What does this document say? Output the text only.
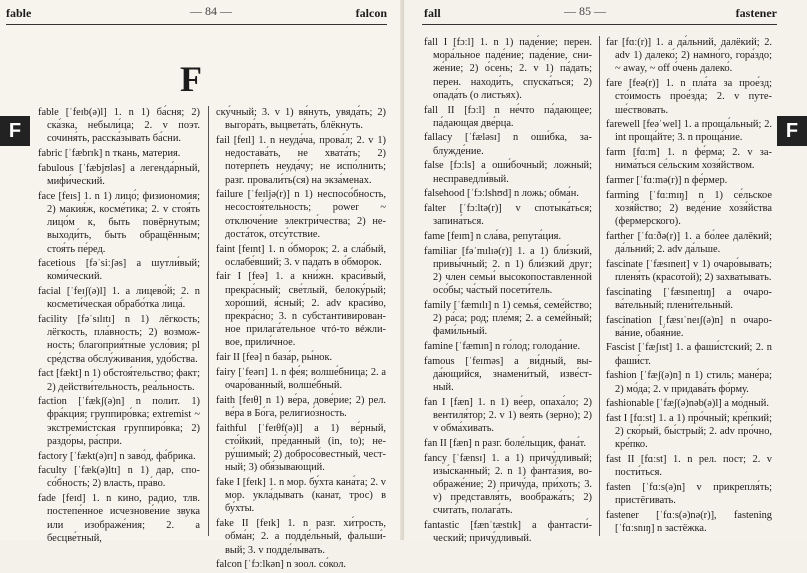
fable	— 84 —	falcon
F
F

fable [ˈfeɪb(ə)l] 1. n 1) ба́сня; 2) ска́зка, небыли́ца; 2. v поэт. сочиня́ть, расска́зывать ба́сни.

fabric [ˈfæbrɪk] n ткань, материя.

fabulous [ˈfæbjʊləs] a легенда́рный, мифи́ческий.

face [feɪs] 1. n 1) лицо́; физиономия; 2) макия́ж, косме́тика; 2. v стоя́ть лицо́м к, быть повёрнутым; выходи́ть, быть обращённым; стоя́ть пе́ред.

facetious [fəˈsiːʃəs] a шутли́вый; коми́ческий.

facial [ˈfeɪʃ(ə)l] 1. a лицево́й; 2. n космети́ческая обрабо́тка лица́.

facility [fəˈsɪlɪtɪ] n 1) лёгкость; лёгкость, пла́вность; 2) возможность; благоприя́тные усло́вия; pl сре́дства обслу́живания, удо́бства.

fact [fækt] n 1) обстоя́тельство; факт; 2) действи́тельность, реа́льность.

faction [ˈfækʃ(ə)n] n полит. 1) фра́кция; группиро́вка; extremist ~ экстреми́стская группиро́вка; 2) раздо́ры, ра́спри.

factory [ˈfækt(ə)rɪ] n заво́д, фа́брика.

faculty [ˈfæk(ə)ltɪ] n 1) дар, спосо́бность; 2) власть, пра́во.

fade [feɪd] 1. n кино, радио, тлв. постепе́нное исчезнове́ние звука или изображе́ния; 2. a бесцве́тный,

ску́чный; 3. v 1) вя́нуть, увяда́ть; 2) выгора́ть, выцвета́ть, блёкнуть.

fail [feɪl] 1. n неуда́ча, прова́л; 2. v 1) недостава́ть, не хвата́ть; 2) потерпе́ть неуда́чу; не испо́лнить; разг. провали́ть(ся) на экза́менах.

failure [ˈfeɪljə(r)] n 1) неспосо́бность, несостоя́тельность; power ~ отключе́ние электри́чества; 2) недоста́ток, отсу́тствие.

faint [feɪnt] 1. n о́бморок; 2. a сла́бый, ослабе́вший; 3. v па́дать в о́бморок.

fair I [feə] 1. a кни́жн. краси́вый, прекра́сный; све́тлый, белоку́рый; хоро́ший, я́сный; 2. adv краси́во, прекра́сно; 3. n субстантивированное прилага́тельное чтó-то вéжливое, прили́чное.

fair II [feə] n база́р, ры́нок.

fairy [ˈfeərɪ] 1. n фе́я; волше́бница; 2. a очаро́ванный, волше́бный.

faith [feɪθ] n 1) ве́ра, дове́рие; 2) рел. ве́ра в Бо́га, религио́зность.

faithful [ˈfeɪθf(ə)l] a 1) ве́рный, сто́йкий, пре́данный (in, to); неру́шимый; 2) добросо́вестный, честный; 3) обя́зывающий.

fake I [feɪk] 1. n мор. бу́хта кана́та; 2. v мор. укла́дывать (канат, трос) в бу́хты.

fake II [feɪk] 1. n разг. хи́трость, обма́н; 2. a подде́льный, фальши́вый; 3. v подде́лывать.

falcon [ˈfɔːlkən] n зоол. со́кол.

fall	— 85 —	fastener
F

fall I [fɔːl] 1. n 1) паде́ние; перен. мора́льное паде́ние; паде́ние, сниже́ние; 2) о́сень; 2. v 1) па́дать; перен. находи́ть, спуска́ться; 2) опада́ть (о листьях).

fall II [fɔːl] n не́что па́дающее; па́дающая две́рца.

fallacy [ˈfæləsɪ] n оши́бка, заблужде́ние.

false [fɔːls] a оши́бочный; ложный; несправедли́вый.

falsehood [ˈfɔːlshʊd] n ложь; обма́н.

falter [ˈfɔːltə(r)] v спотыка́ться; запина́ться.

fame [feɪm] n сла́ва, репута́ция.

familiar [fəˈmɪlɪə(r)] 1. a 1) бли́зкий, привы́чный; 2. n 1) бли́зкий друг; 2) член семьи́ высокопоставленной осо́бы; ча́стый посети́тель.

family [ˈfæmɪlɪ] n 1) семья́, семе́йство; 2) ра́са; род; пле́мя; 2. a семе́йный; фами́льный.

famine [ˈfæmɪn] n го́лод; голода́ние.

famous [ˈfeɪməs] a ви́дный, выда́ющийся, знамени́тый, изве́стный.

fan I [fæn] 1. n 1) ве́ер, опаха́ло; 2) вентиля́тор; 2. v 1) ве́ять (зерно); 2) v обма́хивать.

fan II [fæn] n разг. боле́льщик, фана́т.

fancy [ˈfænsɪ] 1. a 1) причу́дливый; изы́сканный; 2. n 1) фанта́зия, воображе́ние; 2) причу́да, при́хоть; 3. v) представля́ть, вообража́ть; 2) счита́ть, полага́ть.

fantastic [fænˈtæstɪk] a фантасти́ческий; причу́дливый.

far [fɑː(r)] 1. a да́льний, далёкий; 2. adv 1) далеко́; 2) намно́го, гора́здо; ~ away, ~ off о́чень далеко́.

fare [feə(r)] 1. n пла́та за прое́зд; сто́имость прое́зда; 2. v путеше́ствовать.

farewell [feəˈwel] 1. a проща́льный; 2. int проща́йте; 3. n проща́ние.

farm [fɑːm] 1. n фе́рма; 2. v занима́ться се́льским хозя́йством.

farmer [ˈfɑːmə(r)] n фе́рмер.

farming [ˈfɑːmɪŋ] n 1) се́льское хозя́йство; 2) веде́ние хозя́йства (фермерского).

farther [ˈfɑːðə(r)] 1. a бо́лее далёкий; да́льний; 2. adv да́льше.

fascinate [ˈfæsɪneɪt] v 1) очаро́вывать; пленя́ть (красотой); 2) захватывать.

fascinating [ˈfæsɪneɪtɪŋ] a очарова́тельный; плени́тельный.

fascination [ˌfæsɪˈneɪʃ(ə)n] n очарова́ние, обая́ние.

Fascist [ˈfæʃɪst] 1. a фаши́стский; 2. n фаши́ст.

fashion [ˈfæʃ(ə)n] n 1) стиль; мане́ра; 2) мо́да; 2. v придава́ть фо́рму.

fashionable [ˈfæʃ(ə)nəb(ə)l] a мо́дный.

fast I [fɑːst] 1. a 1) про́чный; кре́пкий; 2) ско́рый, бы́стрый; 2. adv про́чно, кре́пко.

fast II [fɑːst] 1. n рел. пост; 2. v пости́ться.

fasten [ˈfɑːs(ə)n] v прикрепля́ть; пристёгивать.

fastener [ˈfɑːs(ə)nə(r)], fastening [ˈfɑːsnɪŋ] n застёжка.
